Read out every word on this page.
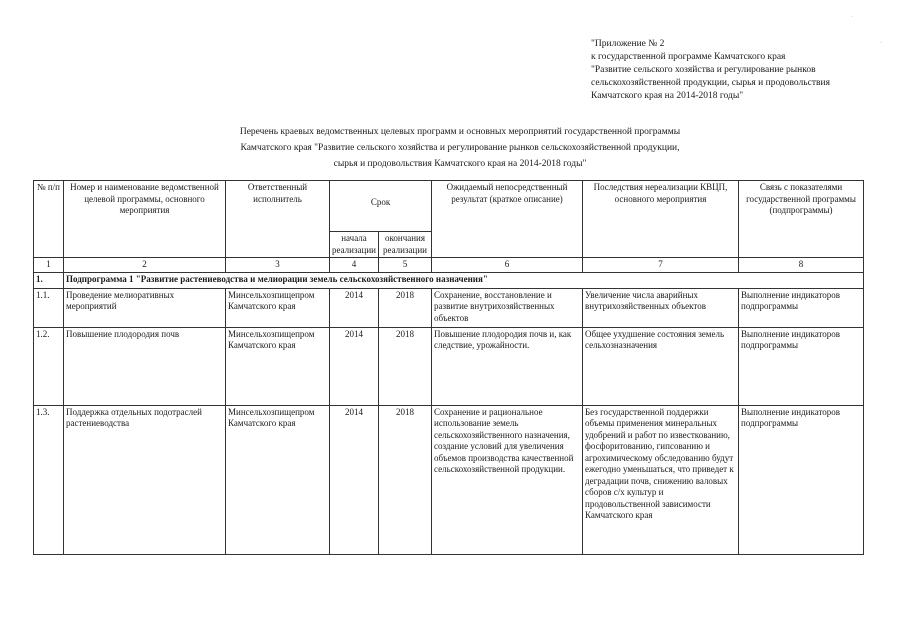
·
·
"Приложение № 2
к государственной программе Камчатского края
"Развитие сельского хозяйства и регулирование рынков
сельскохозяйственной продукции, сырья и продовольствия
Камчатского края на 2014-2018 годы"
Перечень краевых ведомственных целевых программ и основных мероприятий государственной программы
Камчатского края "Развитие сельского хозяйства и регулирование рынков сельскохозяйственной продукции,
сырья и продовольствия Камчатского края на 2014-2018 годы"
№ п/п	Номер и наименование ведомственной целевой программы, основного мероприятия	Ответственный исполнитель	Срок		Ожидаемый непосредственный результат (краткое описание)	Последствия нереализации КВЦП, основного мероприятия	Связь с показателями государственной программы (подпрограммы)
			начала реализации	окончания реализации			
1	2	3	4	5	6	7	8
1.	Подпрограмма 1 "Развитие растениеводства и мелиорации земель сельскохозяйственного назначения"						
1.1.	Проведение мелиоративных мероприятий	Минсельхозпищепром Камчатского края	2014	2018	Сохранение, восстановление и развитие внутрихозяйственных объектов	Увеличение числа аварийных внутрихозяйственных объектов	Выполнение индикаторов подпрограммы
1.2.	Повышение плодородия почв	Минсельхозпищепром Камчатского края	2014	2018	Повышение плодородия почв и, как следствие, урожайности.	Общее ухудшение состояния земель сельхозназначения	Выполнение индикаторов подпрограммы
1.3.	Поддержка отдельных подотраслей растениеводства	Минсельхозпищепром Камчатского края	2014	2018	Сохранение и рациональное использование земель сельскохозяйственного назначения, создание условий для увеличения объемов производства качественной сельскохозяйственной продукции.	Без государственной поддержки объемы применения минеральных удобрений и работ по известкованию, фосфоритованию, гипсованию и агрохимическому обследованию будут ежегодно уменьшаться, что приведет к деградации почв, снижению валовых сборов с/х культур и продовольственной зависимости Камчатского края	Выполнение индикаторов подпрограммы
